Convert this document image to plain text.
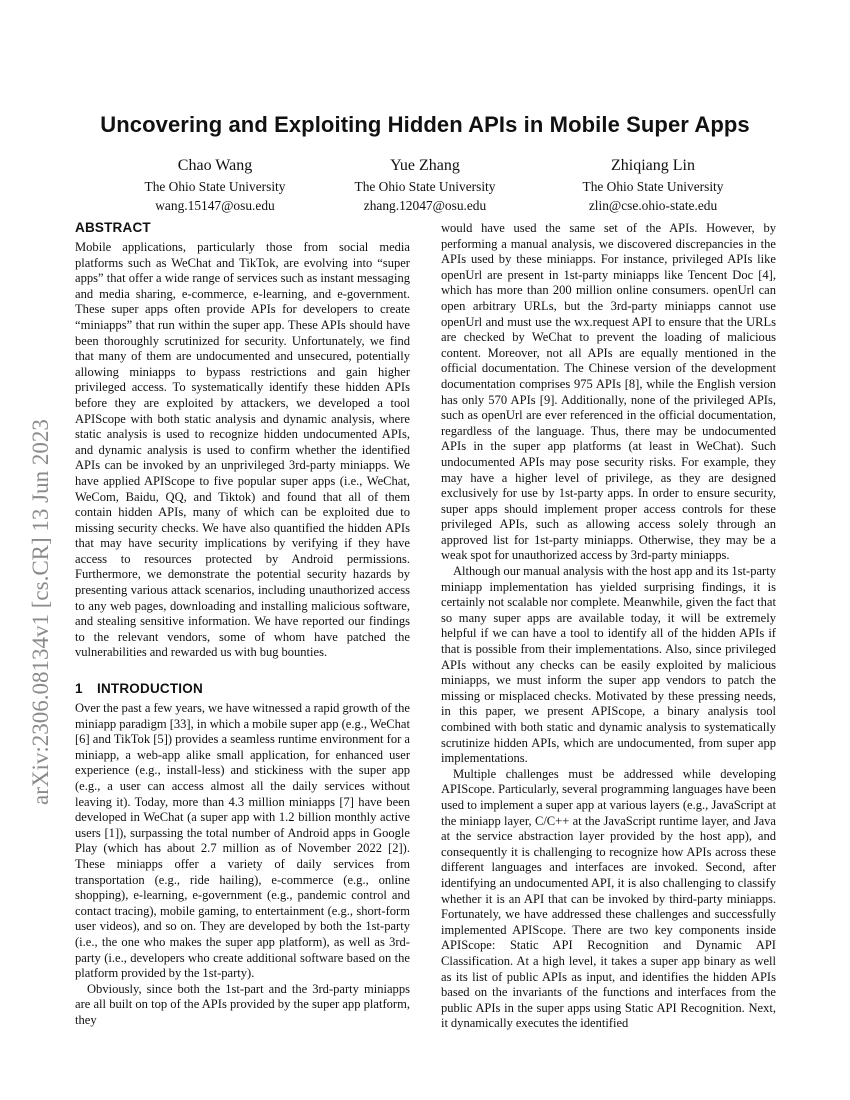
arXiv:2306.08134v1 [cs.CR] 13 Jun 2023
Uncovering and Exploiting Hidden APIs in Mobile Super Apps
Chao Wang
The Ohio State University
wang.15147@osu.edu
Yue Zhang
The Ohio State University
zhang.12047@osu.edu
Zhiqiang Lin
The Ohio State University
zlin@cse.ohio-state.edu
ABSTRACT

Mobile applications, particularly those from social media platforms such as WeChat and TikTok, are evolving into “super apps” that offer a wide range of services such as instant messaging and media sharing, e-commerce, e-learning, and e-government. These super apps often provide APIs for developers to create “miniapps” that run within the super app. These APIs should have been thoroughly scrutinized for security. Unfortunately, we find that many of them are undocumented and unsecured, potentially allowing miniapps to bypass restrictions and gain higher privileged access. To systematically identify these hidden APIs before they are exploited by attackers, we developed a tool APIScope with both static analysis and dynamic analysis, where static analysis is used to recognize hidden undocumented APIs, and dynamic analysis is used to confirm whether the identified APIs can be invoked by an unprivileged 3rd-party miniapps. We have applied APIScope to five popular super apps (i.e., WeChat, WeCom, Baidu, QQ, and Tiktok) and found that all of them contain hidden APIs, many of which can be exploited due to missing security checks. We have also quantified the hidden APIs that may have security implications by verifying if they have access to resources protected by Android permissions. Furthermore, we demonstrate the potential security hazards by presenting various attack scenarios, including unauthorized access to any web pages, downloading and installing malicious software, and stealing sensitive information. We have reported our findings to the relevant vendors, some of whom have patched the vulnerabilities and rewarded us with bug bounties.

1 INTRODUCTION

Over the past a few years, we have witnessed a rapid growth of the miniapp paradigm [33], in which a mobile super app (e.g., WeChat [6] and TikTok [5]) provides a seamless runtime environment for a miniapp, a web-app alike small application, for enhanced user experience (e.g., install-less) and stickiness with the super app (e.g., a user can access almost all the daily services without leaving it). Today, more than 4.3 million miniapps [7] have been developed in WeChat (a super app with 1.2 billion monthly active users [1]), surpassing the total number of Android apps in Google Play (which has about 2.7 million as of November 2022 [2]). These miniapps offer a variety of daily services from transportation (e.g., ride hailing), e-commerce (e.g., online shopping), e-learning, e-government (e.g., pandemic control and contact tracing), mobile gaming, to entertainment (e.g., short-form user videos), and so on. They are developed by both the 1st-party (i.e., the one who makes the super app platform), as well as 3rd-party (i.e., developers who create additional software based on the platform provided by the 1st-party).

Obviously, since both the 1st-part and the 3rd-party miniapps are all built on top of the APIs provided by the super app platform, they

would have used the same set of the APIs. However, by performing a manual analysis, we discovered discrepancies in the APIs used by these miniapps. For instance, privileged APIs like openUrl are present in 1st-party miniapps like Tencent Doc [4], which has more than 200 million online consumers. openUrl can open arbitrary URLs, but the 3rd-party miniapps cannot use openUrl and must use the wx.request API to ensure that the URLs are checked by WeChat to prevent the loading of malicious content. Moreover, not all APIs are equally mentioned in the official documentation. The Chinese version of the development documentation comprises 975 APIs [8], while the English version has only 570 APIs [9]. Additionally, none of the privileged APIs, such as openUrl are ever referenced in the official documentation, regardless of the language. Thus, there may be undocumented APIs in the super app platforms (at least in WeChat). Such undocumented APIs may pose security risks. For example, they may have a higher level of privilege, as they are designed exclusively for use by 1st-party apps. In order to ensure security, super apps should implement proper access controls for these privileged APIs, such as allowing access solely through an approved list for 1st-party miniapps. Otherwise, they may be a weak spot for unauthorized access by 3rd-party miniapps.

Although our manual analysis with the host app and its 1st-party miniapp implementation has yielded surprising findings, it is certainly not scalable nor complete. Meanwhile, given the fact that so many super apps are available today, it will be extremely helpful if we can have a tool to identify all of the hidden APIs if that is possible from their implementations. Also, since privileged APIs without any checks can be easily exploited by malicious miniapps, we must inform the super app vendors to patch the missing or misplaced checks. Motivated by these pressing needs, in this paper, we present APIScope, a binary analysis tool combined with both static and dynamic analysis to systematically scrutinize hidden APIs, which are undocumented, from super app implementations.

Multiple challenges must be addressed while developing APIScope. Particularly, several programming languages have been used to implement a super app at various layers (e.g., JavaScript at the miniapp layer, C/C++ at the JavaScript runtime layer, and Java at the service abstraction layer provided by the host app), and consequently it is challenging to recognize how APIs across these different languages and interfaces are invoked. Second, after identifying an undocumented API, it is also challenging to classify whether it is an API that can be invoked by third-party miniapps. Fortunately, we have addressed these challenges and successfully implemented APIScope. There are two key components inside APIScope: Static API Recognition and Dynamic API Classification. At a high level, it takes a super app binary as well as its list of public APIs as input, and identifies the hidden APIs based on the invariants of the functions and interfaces from the public APIs in the super apps using Static API Recognition. Next, it dynamically executes the identified
